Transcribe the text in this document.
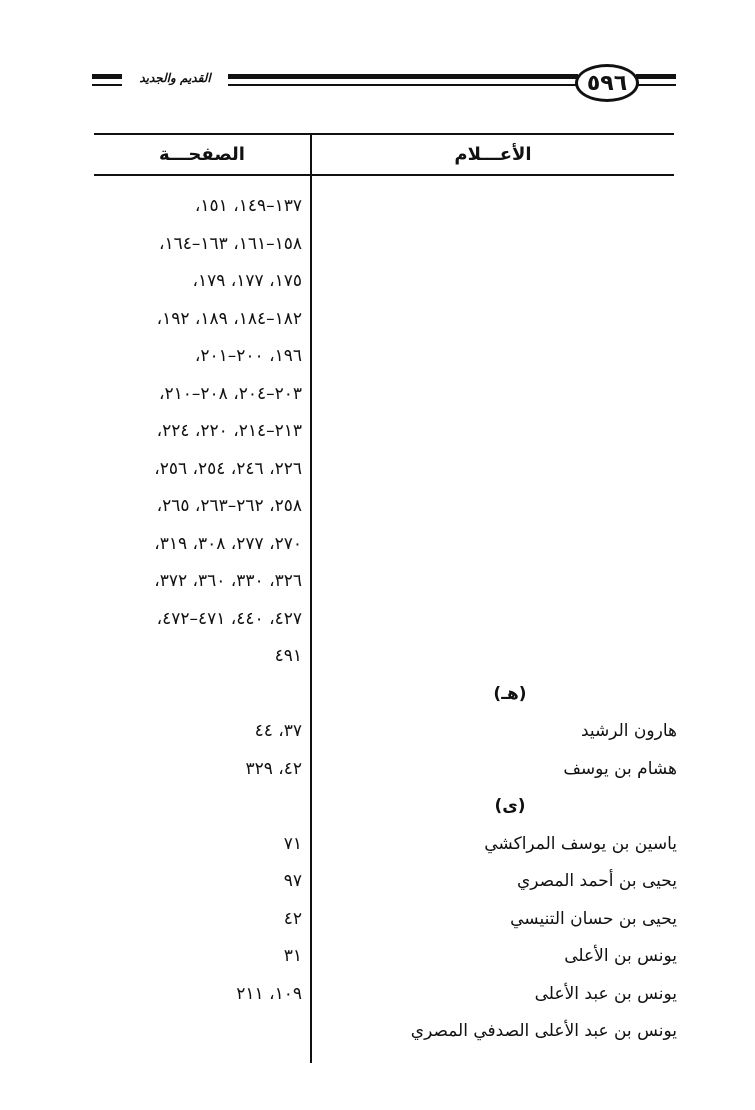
القديم والجديد	٥٩٦
الصفحـــة	الأعـــلام
١٣٧–١٤٩، ١٥١،
١٥٨–١٦١، ١٦٣–١٦٤،
١٧٥، ١٧٧، ١٧٩،
١٨٢–١٨٤، ١٨٩، ١٩٢،
١٩٦، ٢٠٠–٢٠١،
٢٠٣–٢٠٤، ٢٠٨–٢١٠،
٢١٣–٢١٤، ٢٢٠، ٢٢٤،
٢٢٦، ٢٤٦، ٢٥٤، ٢٥٦،
٢٥٨، ٢٦٢–٢٦٣، ٢٦٥،
٢٧٠، ٢٧٧، ٣٠٨، ٣١٩،
٣٢٦، ٣٣٠، ٣٦٠، ٣٧٢،
٤٢٧، ٤٤٠، ٤٧١–٤٧٢،
٤٩١
(هـ)
هارون الرشيد
٣٧، ٤٤
هشام بن يوسف
٤٢، ٣٢٩
(ى)
ياسين بن يوسف المراكشي
٧١
يحيى بن أحمد المصري
٩٧
يحيى بن حسان التنيسي
٤٢
يونس بن الأعلى
٣١
يونس بن عبد الأعلى
١٠٩، ٢١١
يونس بن عبد الأعلى الصدفي المصري
